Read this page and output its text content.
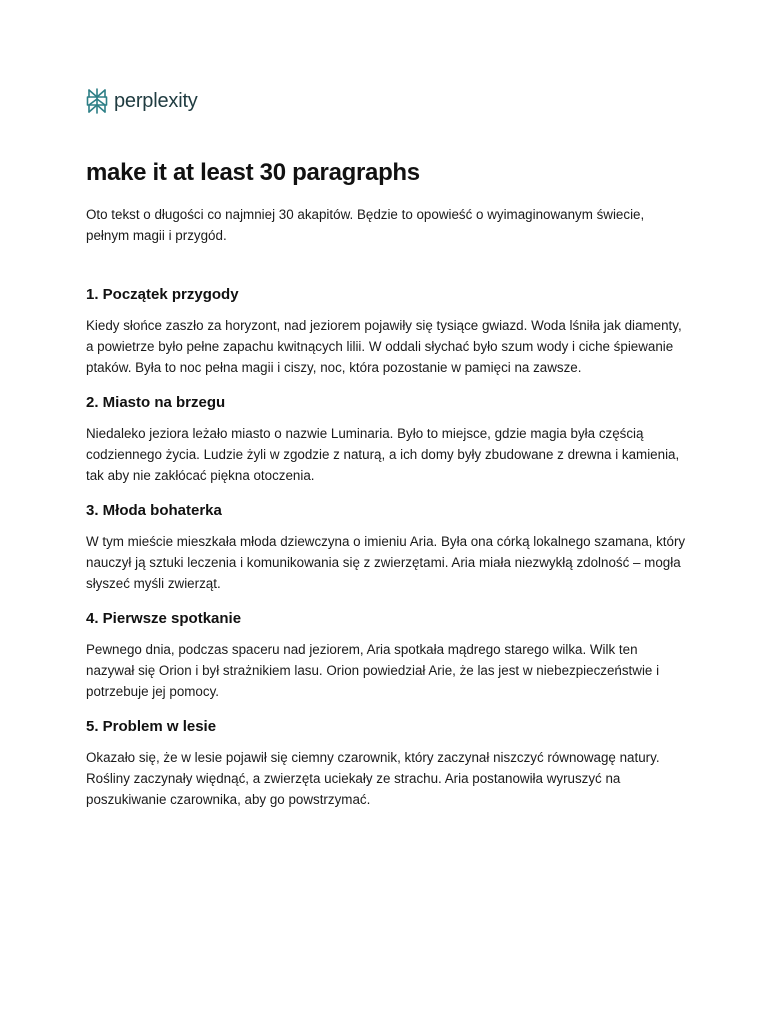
perplexity
make it at least 30 paragraphs

Oto tekst o długości co najmniej 30 akapitów. Będzie to opowieść o wyimaginowanym świecie, pełnym magii i przygód.

1. Początek przygody

Kiedy słońce zaszło za horyzont, nad jeziorem pojawiły się tysiące gwiazd. Woda lśniła jak diamenty, a powietrze było pełne zapachu kwitnących lilii. W oddali słychać było szum wody i ciche śpiewanie ptaków. Była to noc pełna magii i ciszy, noc, która pozostanie w pamięci na zawsze.

2. Miasto na brzegu

Niedaleko jeziora leżało miasto o nazwie Luminaria. Było to miejsce, gdzie magia była częścią codziennego życia. Ludzie żyli w zgodzie z naturą, a ich domy były zbudowane z drewna i kamienia, tak aby nie zakłócać piękna otoczenia.

3. Młoda bohaterka

W tym mieście mieszkała młoda dziewczyna o imieniu Aria. Była ona córką lokalnego szamana, który nauczył ją sztuki leczenia i komunikowania się z zwierzętami. Aria miała niezwykłą zdolność – mogła słyszeć myśli zwierząt.

4. Pierwsze spotkanie

Pewnego dnia, podczas spaceru nad jeziorem, Aria spotkała mądrego starego wilka. Wilk ten nazywał się Orion i był strażnikiem lasu. Orion powiedział Arie, że las jest w niebezpieczeństwie i potrzebuje jej pomocy.

5. Problem w lesie

Okazało się, że w lesie pojawił się ciemny czarownik, który zaczynał niszczyć równowagę natury. Rośliny zaczynały więdnąć, a zwierzęta uciekały ze strachu. Aria postanowiła wyruszyć na poszukiwanie czarownika, aby go powstrzymać.
